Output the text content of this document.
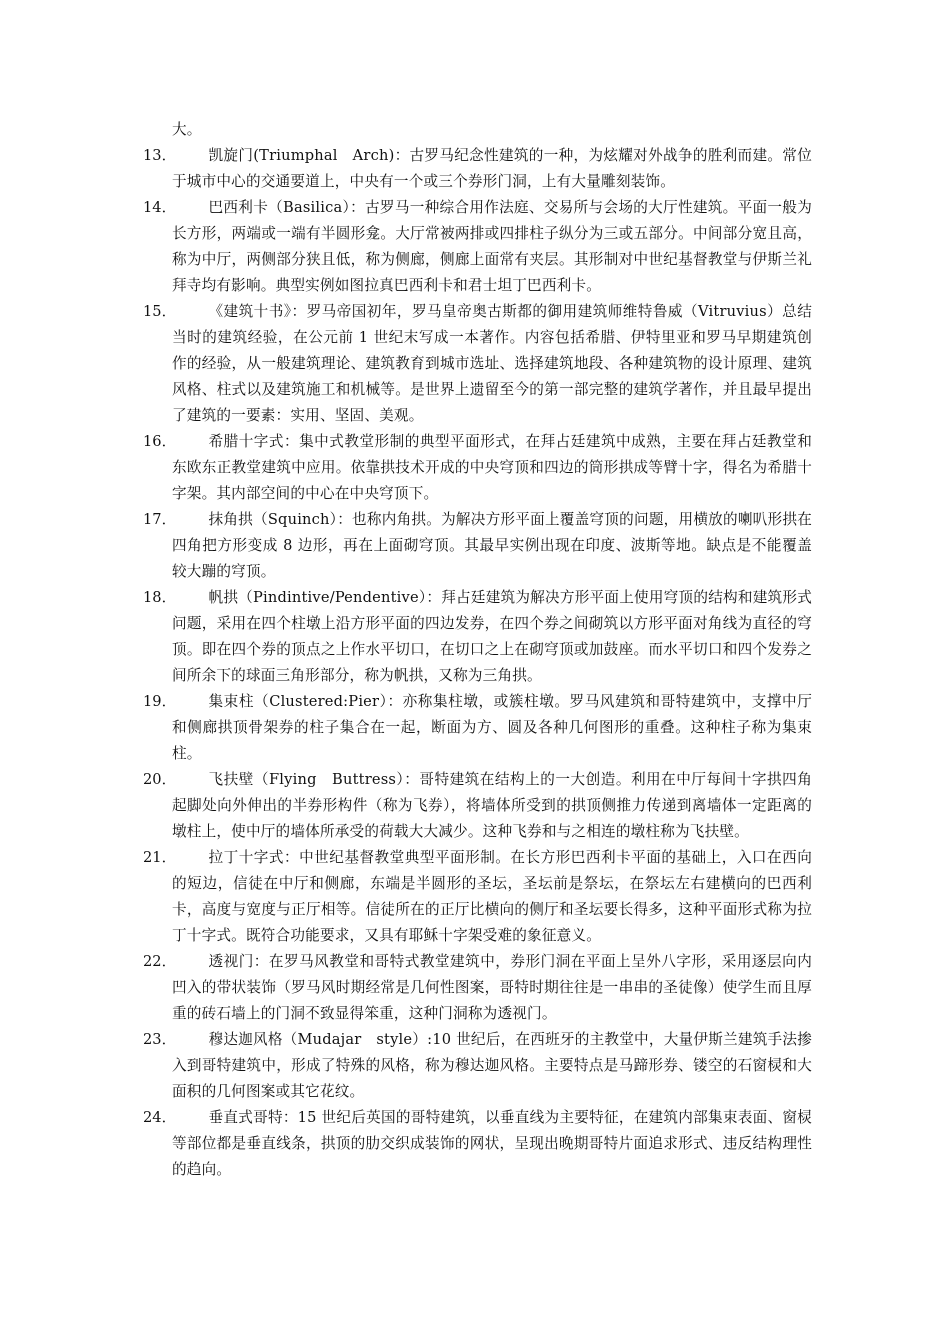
大。

13．	凯旋门(Triumphal　Arch)：古罗马纪念性建筑的一种，为炫耀对外战争的胜利而建。常位于城市中心的交通要道上，中央有一个或三个券形门洞，上有大量雕刻装饰。
14．	巴西利卡（Basilica）：古罗马一种综合用作法庭、交易所与会场的大厅性建筑。平面一般为长方形，两端或一端有半圆形龛。大厅常被两排或四排柱子纵分为三或五部分。中间部分宽且高，称为中厅，两侧部分狭且低，称为侧廊，侧廊上面常有夹层。其形制对中世纪基督教堂与伊斯兰礼拜寺均有影响。典型实例如图拉真巴西利卡和君士坦丁巴西利卡。
15．	《建筑十书》：罗马帝国初年，罗马皇帝奥古斯都的御用建筑师维特鲁威（Vitruvius）总结当时的建筑经验，在公元前 1 世纪末写成一本著作。内容包括希腊、伊特里亚和罗马早期建筑创作的经验，从一般建筑理论、建筑教育到城市选址、选择建筑地段、各种建筑物的设计原理、建筑风格、柱式以及建筑施工和机械等。是世界上遗留至今的第一部完整的建筑学著作，并且最早提出了建筑的一要素：实用、坚固、美观。
16．	希腊十字式：集中式教堂形制的典型平面形式，在拜占廷建筑中成熟，主要在拜占廷教堂和东欧东正教堂建筑中应用。依靠拱技术开成的中央穹顶和四边的筒形拱成等臂十字，得名为希腊十字架。其内部空间的中心在中央穹顶下。
17．	抹角拱（Squinch）：也称内角拱。为解决方形平面上覆盖穹顶的问题，用横放的喇叭形拱在四角把方形变成 8 边形，再在上面砌穹顶。其最早实例出现在印度、波斯等地。缺点是不能覆盖较大蹦的穹顶。
18．	帆拱（Pindintive/Pendentive）：拜占廷建筑为解决方形平面上使用穹顶的结构和建筑形式问题，采用在四个柱墩上沿方形平面的四边发券，在四个券之间砌筑以方形平面对角线为直径的穹顶。即在四个券的顶点之上作水平切口，在切口之上在砌穹顶或加鼓座。而水平切口和四个发券之间所余下的球面三角形部分，称为帆拱，又称为三角拱。
19．	集束柱（Clustered:Pier）：亦称集柱墩，或簇柱墩。罗马风建筑和哥特建筑中，支撑中厅和侧廊拱顶骨架券的柱子集合在一起，断面为方、圆及各种几何图形的重叠。这种柱子称为集束柱。
20．	飞扶壁（Flying　Buttress）：哥特建筑在结构上的一大创造。利用在中厅每间十字拱四角起脚处向外伸出的半券形构件（称为飞券），将墙体所受到的拱顶侧推力传递到离墙体一定距离的墩柱上，使中厅的墙体所承受的荷载大大减少。这种飞券和与之相连的墩柱称为飞扶壁。
21．	拉丁十字式：中世纪基督教堂典型平面形制。在长方形巴西利卡平面的基础上，入口在西向的短边，信徒在中厅和侧廊，东端是半圆形的圣坛，圣坛前是祭坛，在祭坛左右建横向的巴西利卡，高度与宽度与正厅相等。信徒所在的正厅比横向的侧厅和圣坛要长得多，这种平面形式称为拉丁十字式。既符合功能要求，又具有耶稣十字架受难的象征意义。
22．	透视门：在罗马风教堂和哥特式教堂建筑中，券形门洞在平面上呈外八字形，采用逐层向内凹入的带状装饰（罗马风时期经常是几何性图案，哥特时期往往是一串串的圣徒像）使学生而且厚重的砖石墙上的门洞不致显得笨重，这种门洞称为透视门。
23．	穆达迦风格（Mudajar　style）:10 世纪后，在西班牙的主教堂中，大量伊斯兰建筑手法掺入到哥特建筑中，形成了特殊的风格，称为穆达迦风格。主要特点是马蹄形券、镂空的石窗棂和大面积的几何图案或其它花纹。
24．	垂直式哥特：15 世纪后英国的哥特建筑，以垂直线为主要特征，在建筑内部集束表面、窗棂等部位都是垂直线条，拱顶的肋交织成装饰的网状，呈现出晚期哥特片面追求形式、违反结构理性的趋向。
